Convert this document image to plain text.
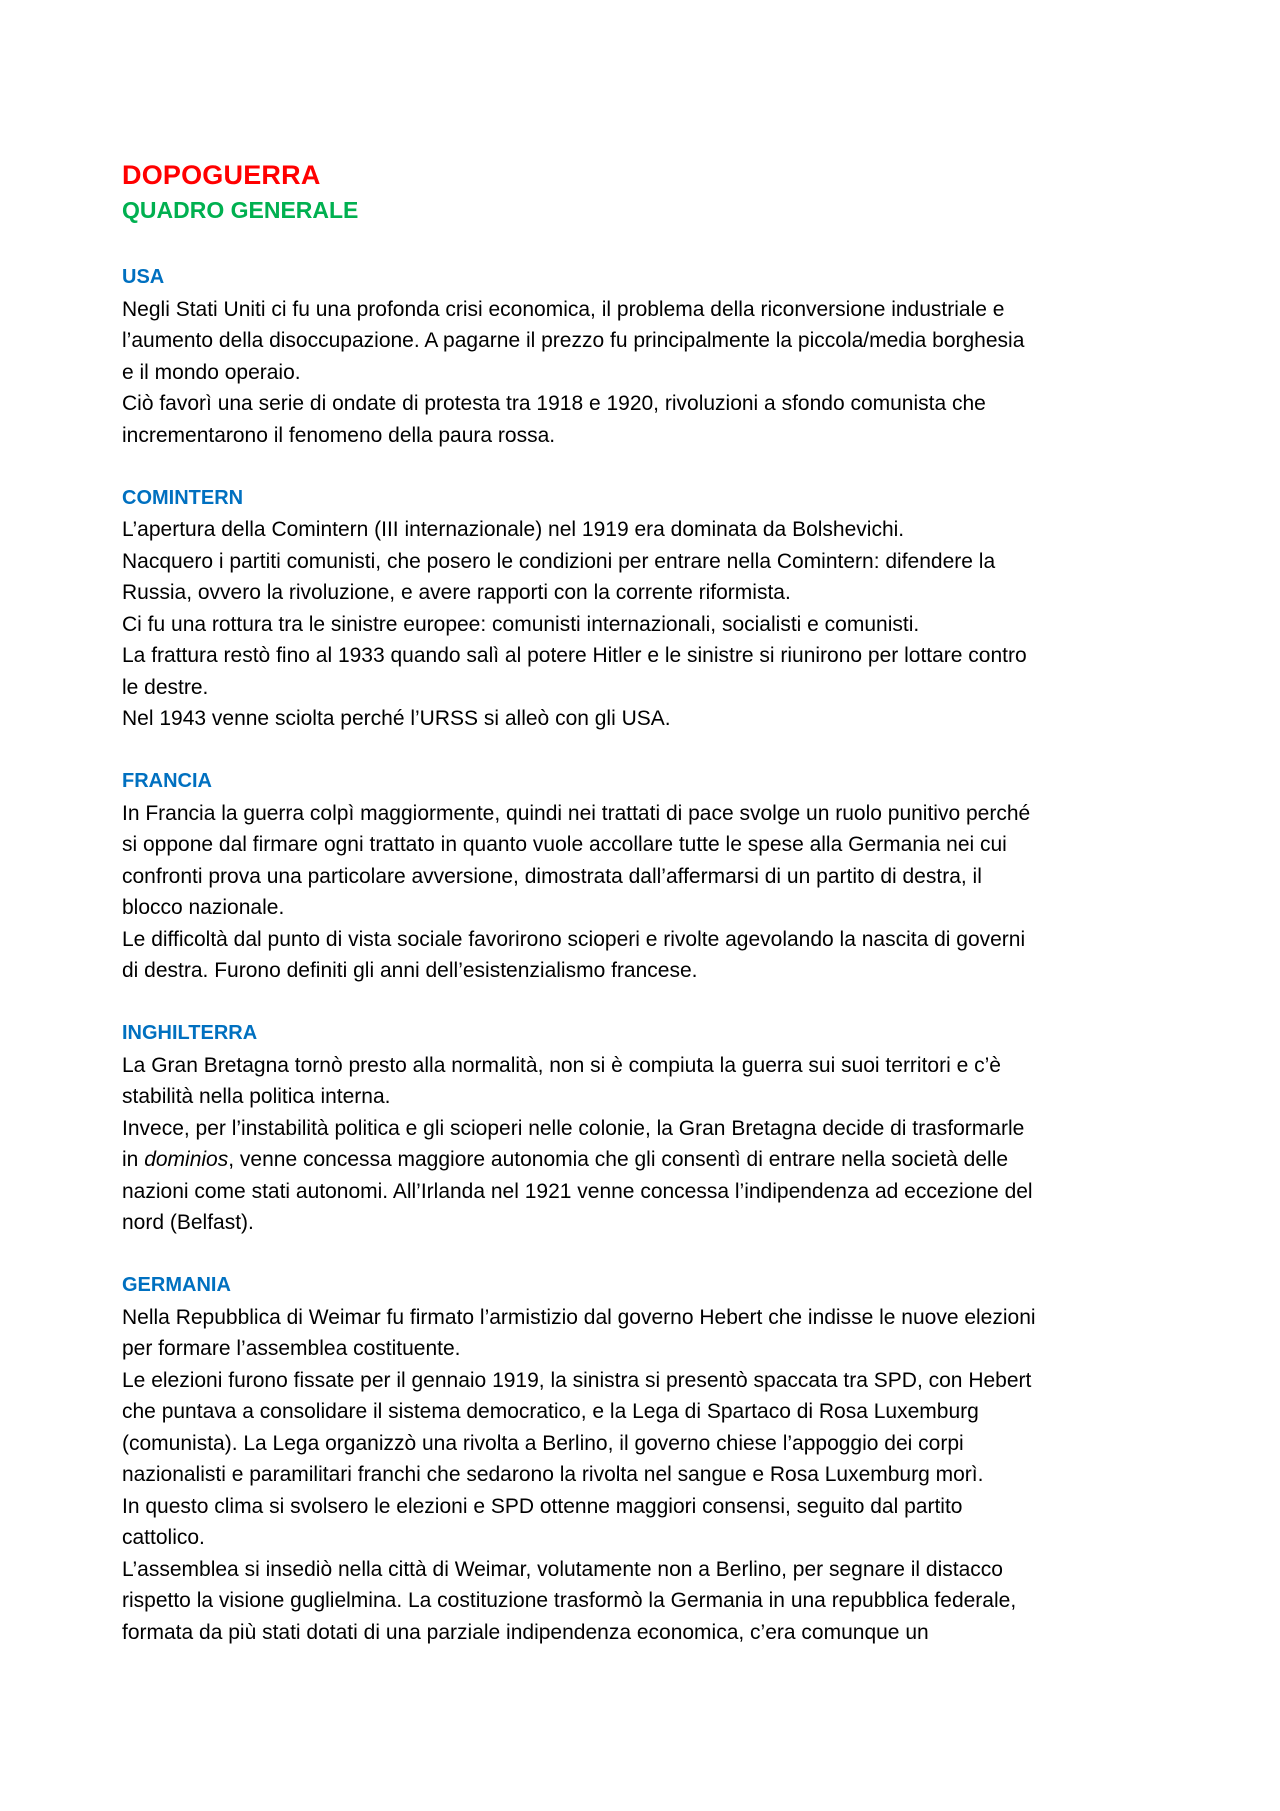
DOPOGUERRA
QUADRO GENERALE
USA
Negli Stati Uniti ci fu una profonda crisi economica, il problema della riconversione industriale e
l’aumento della disoccupazione. A pagarne il prezzo fu principalmente la piccola/media borghesia
e il mondo operaio.
Ciò favorì una serie di ondate di protesta tra 1918 e 1920, rivoluzioni a sfondo comunista che
incrementarono il fenomeno della paura rossa.
COMINTERN
L’apertura della Comintern (III internazionale) nel 1919 era dominata da Bolshevichi.
Nacquero i partiti comunisti, che posero le condizioni per entrare nella Comintern: difendere la
Russia, ovvero la rivoluzione, e avere rapporti con la corrente riformista.
Ci fu una rottura tra le sinistre europee: comunisti internazionali, socialisti e comunisti.
La frattura restò fino al 1933 quando salì al potere Hitler e le sinistre si riunirono per lottare contro
le destre.
Nel 1943 venne sciolta perché l’URSS si alleò con gli USA.
FRANCIA
In Francia la guerra colpì maggiormente, quindi nei trattati di pace svolge un ruolo punitivo perché
si oppone dal firmare ogni trattato in quanto vuole accollare tutte le spese alla Germania nei cui
confronti prova una particolare avversione, dimostrata dall’affermarsi di un partito di destra, il
blocco nazionale.
Le difficoltà dal punto di vista sociale favorirono scioperi e rivolte agevolando la nascita di governi
di destra. Furono definiti gli anni dell’esistenzialismo francese.
INGHILTERRA
La Gran Bretagna tornò presto alla normalità, non si è compiuta la guerra sui suoi territori e c’è
stabilità nella politica interna.
Invece, per l’instabilità politica e gli scioperi nelle colonie, la Gran Bretagna decide di trasformarle
in dominios, venne concessa maggiore autonomia che gli consentì di entrare nella società delle
nazioni come stati autonomi. All’Irlanda nel 1921 venne concessa l’indipendenza ad eccezione del
nord (Belfast).
GERMANIA
Nella Repubblica di Weimar fu firmato l’armistizio dal governo Hebert che indisse le nuove elezioni
per formare l’assemblea costituente.
Le elezioni furono fissate per il gennaio 1919, la sinistra si presentò spaccata tra SPD, con Hebert
che puntava a consolidare il sistema democratico, e la Lega di Spartaco di Rosa Luxemburg
(comunista). La Lega organizzò una rivolta a Berlino, il governo chiese l’appoggio dei corpi
nazionalisti e paramilitari franchi che sedarono la rivolta nel sangue e Rosa Luxemburg morì.
In questo clima si svolsero le elezioni e SPD ottenne maggiori consensi, seguito dal partito
cattolico.
L’assemblea si insediò nella città di Weimar, volutamente non a Berlino, per segnare il distacco
rispetto la visione guglielmina. La costituzione trasformò la Germania in una repubblica federale,
formata da più stati dotati di una parziale indipendenza economica, c’era comunque un
